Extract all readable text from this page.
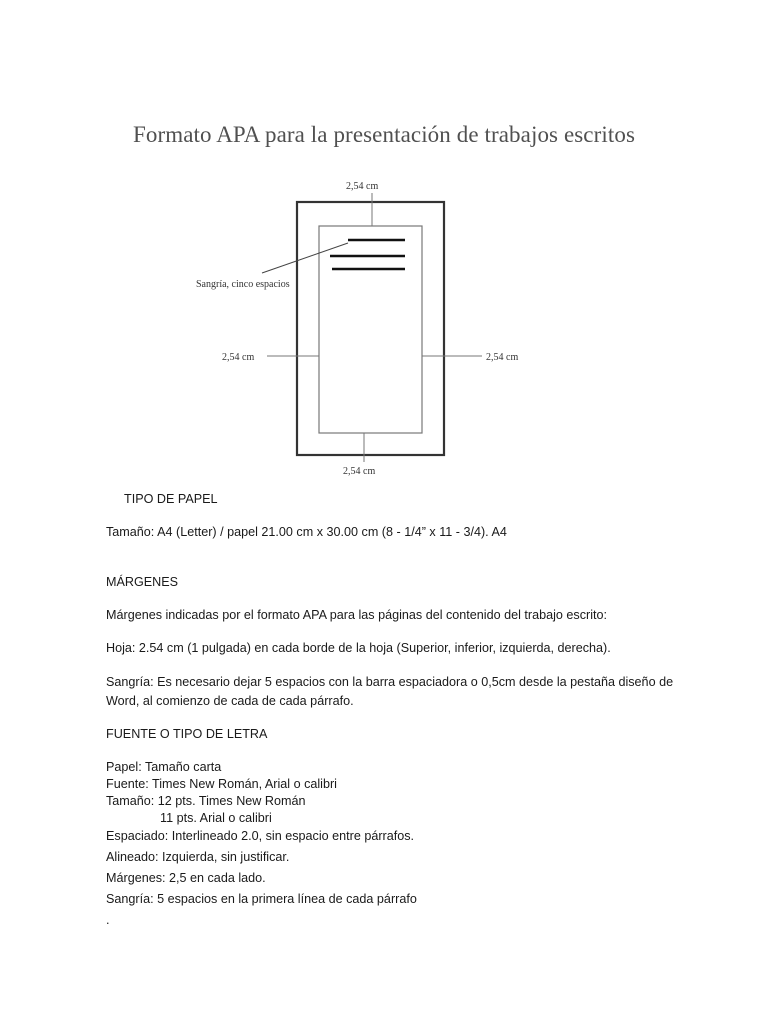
Formato APA para la presentación de trabajos escritos
2,54 cm
Sangría, cinco espacios
2,54 cm	2,54 cm
2,54 cm
TIPO DE PAPEL
Tamaño: A4 (Letter) / papel 21.00 cm x 30.00 cm (8 - 1/4” x 11 - 3/4). A4
MÁRGENES
Márgenes indicadas por el formato APA para las páginas del contenido del trabajo escrito:
Hoja: 2.54 cm (1 pulgada) en cada borde de la hoja (Superior, inferior, izquierda, derecha).
Sangría: Es necesario dejar 5 espacios con la barra espaciadora o 0,5cm desde la pestaña diseño de
Word, al comienzo de cada de cada párrafo.
FUENTE O TIPO DE LETRA
Papel: Tamaño carta
Fuente: Times New Román, Arial o calibri
Tamaño: 12 pts. Times New Román
11 pts. Arial o calibri
Espaciado: Interlineado 2.0, sin espacio entre párrafos.
Alineado: Izquierda, sin justificar.
Márgenes: 2,5 en cada lado.
Sangría: 5 espacios en la primera línea de cada párrafo
.
